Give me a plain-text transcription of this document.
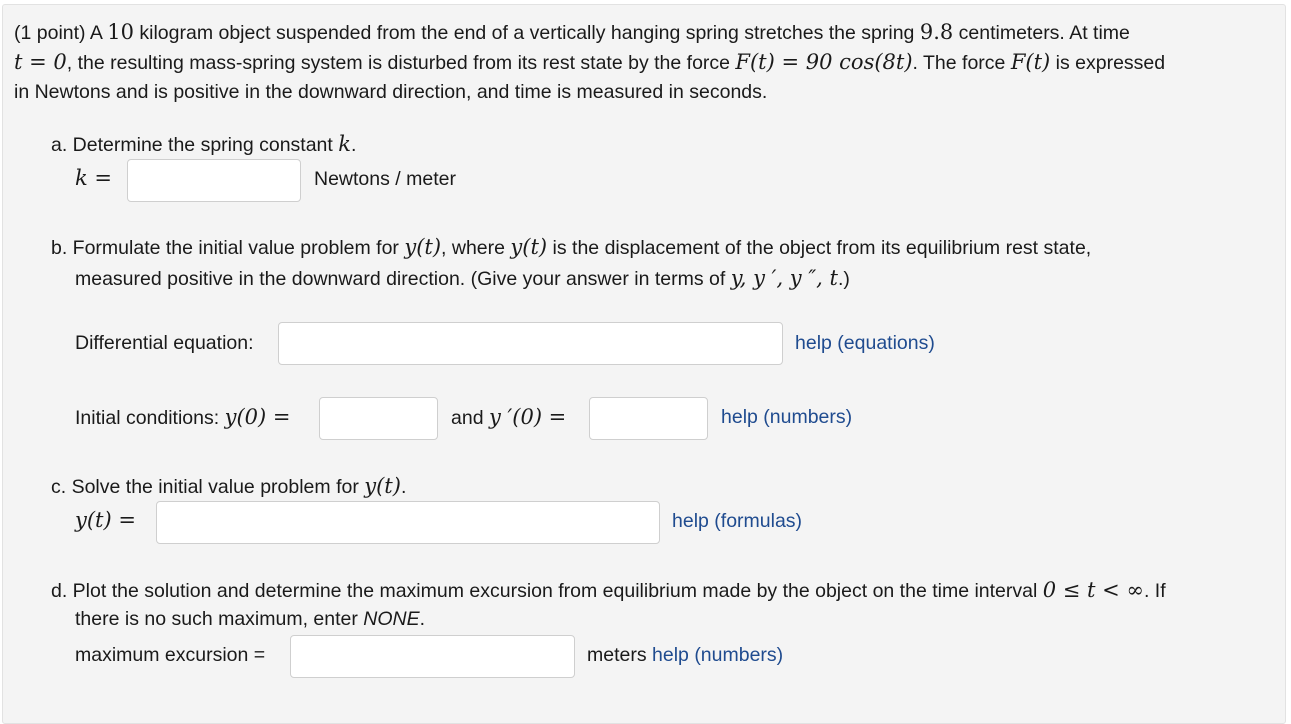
(1 point) A 10 kilogram object suspended from the end of a vertically hanging spring stretches the spring 9.8 centimeters. At time
t = 0, the resulting mass-spring system is disturbed from its rest state by the force F(t) = 90 cos(8t). The force F(t) is expressed
in Newtons and is positive in the downward direction, and time is measured in seconds.
a. Determine the spring constant k.
k =	Newtons / meter
b. Formulate the initial value problem for y(t), where y(t) is the displacement of the object from its equilibrium rest state,
measured positive in the downward direction. (Give your answer in terms of y, y ′, y ″, t.)
Differential equation:	help (equations)
Initial conditions: y(0) =	and y ′(0) =	help (numbers)
c. Solve the initial value problem for y(t).
y(t) =	help (formulas)
d. Plot the solution and determine the maximum excursion from equilibrium made by the object on the time interval 0 ≤ t < ∞. If
there is no such maximum, enter NONE.
maximum excursion =	meters help (numbers)
